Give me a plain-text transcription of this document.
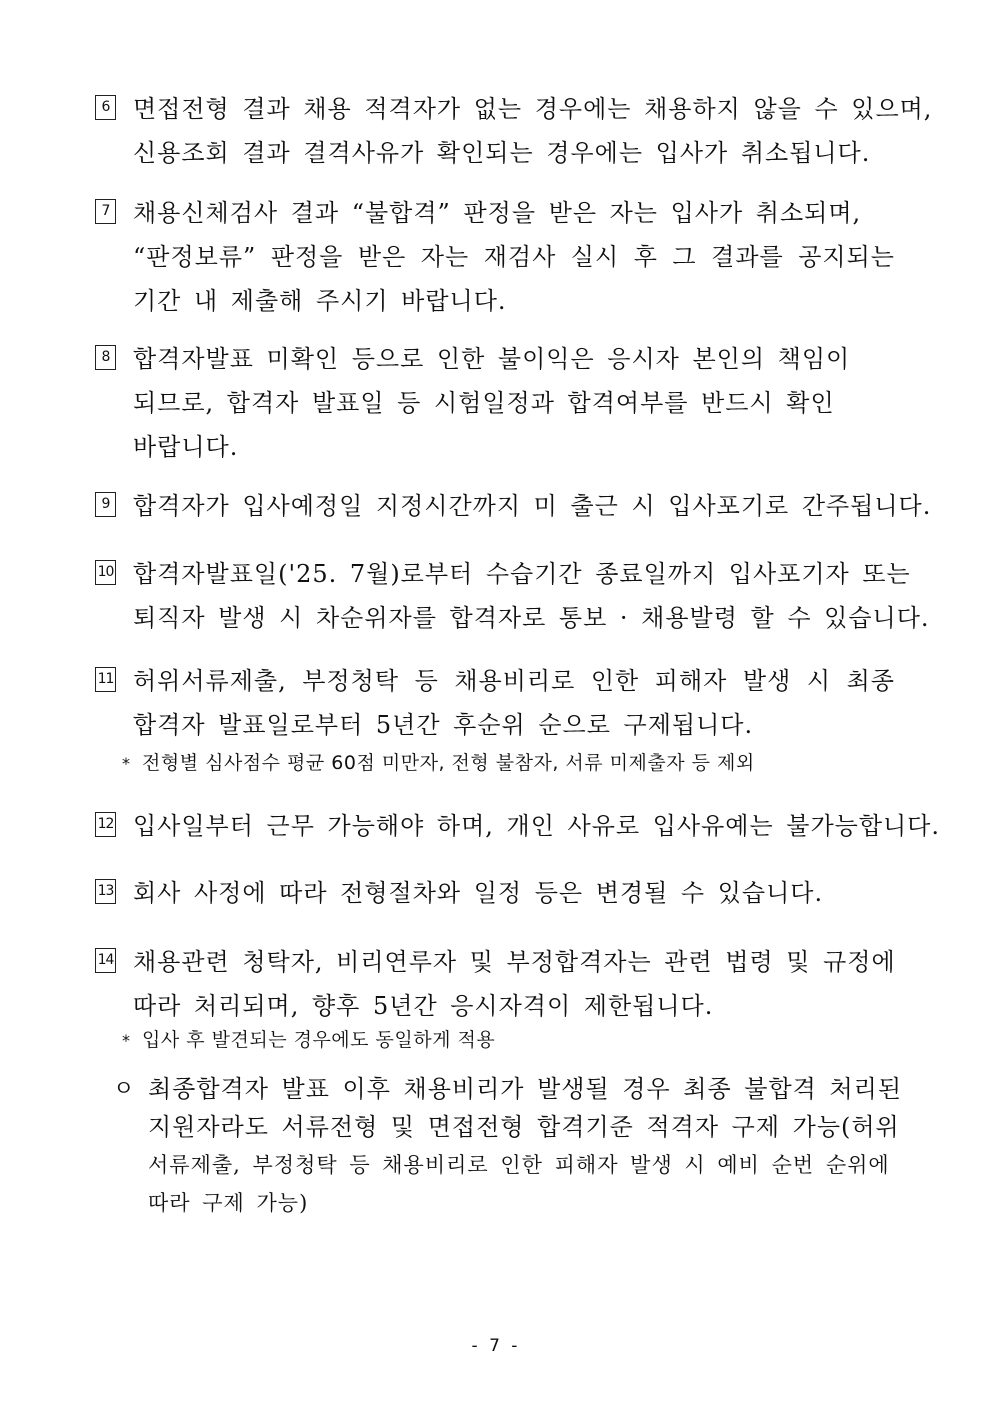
6 면접전형 결과 채용 적격자가 없는 경우에는 채용하지 않을 수 있으며,
신용조회 결과 결격사유가 확인되는 경우에는 입사가 취소됩니다.
7 채용신체검사 결과 “불합격” 판정을 받은 자는 입사가 취소되며,
“판정보류” 판정을 받은 자는 재검사 실시 후 그 결과를 공지되는
기간 내 제출해 주시기 바랍니다.
8 합격자발표 미확인 등으로 인한 불이익은 응시자 본인의 책임이
되므로, 합격자 발표일 등 시험일정과 합격여부를 반드시 확인
바랍니다.
9 합격자가 입사예정일 지정시간까지 미 출근 시 입사포기로 간주됩니다.
10 합격자발표일('25. 7월)로부터 수습기간 종료일까지 입사포기자 또는
퇴직자 발생 시 차순위자를 합격자로 통보 · 채용발령 할 수 있습니다.
11 허위서류제출, 부정청탁 등 채용비리로 인한 피해자 발생 시 최종
합격자 발표일로부터 5년간 후순위 순으로 구제됩니다.
* 전형별 심사점수 평균 60점 미만자, 전형 불참자, 서류 미제출자 등 제외
12 입사일부터 근무 가능해야 하며, 개인 사유로 입사유예는 불가능합니다.
13 회사 사정에 따라 전형절차와 일정 등은 변경될 수 있습니다.
14 채용관련 청탁자, 비리연루자 및 부정합격자는 관련 법령 및 규정에
따라 처리되며, 향후 5년간 응시자격이 제한됩니다.
* 입사 후 발견되는 경우에도 동일하게 적용
ㅇ 최종합격자 발표 이후 채용비리가 발생될 경우 최종 불합격 처리된
지원자라도 서류전형 및 면접전형 합격기준 적격자 구제 가능(허위
서류제출, 부정청탁 등 채용비리로 인한 피해자 발생 시 예비 순번 순위에
따라 구제 가능)
- 7 -
